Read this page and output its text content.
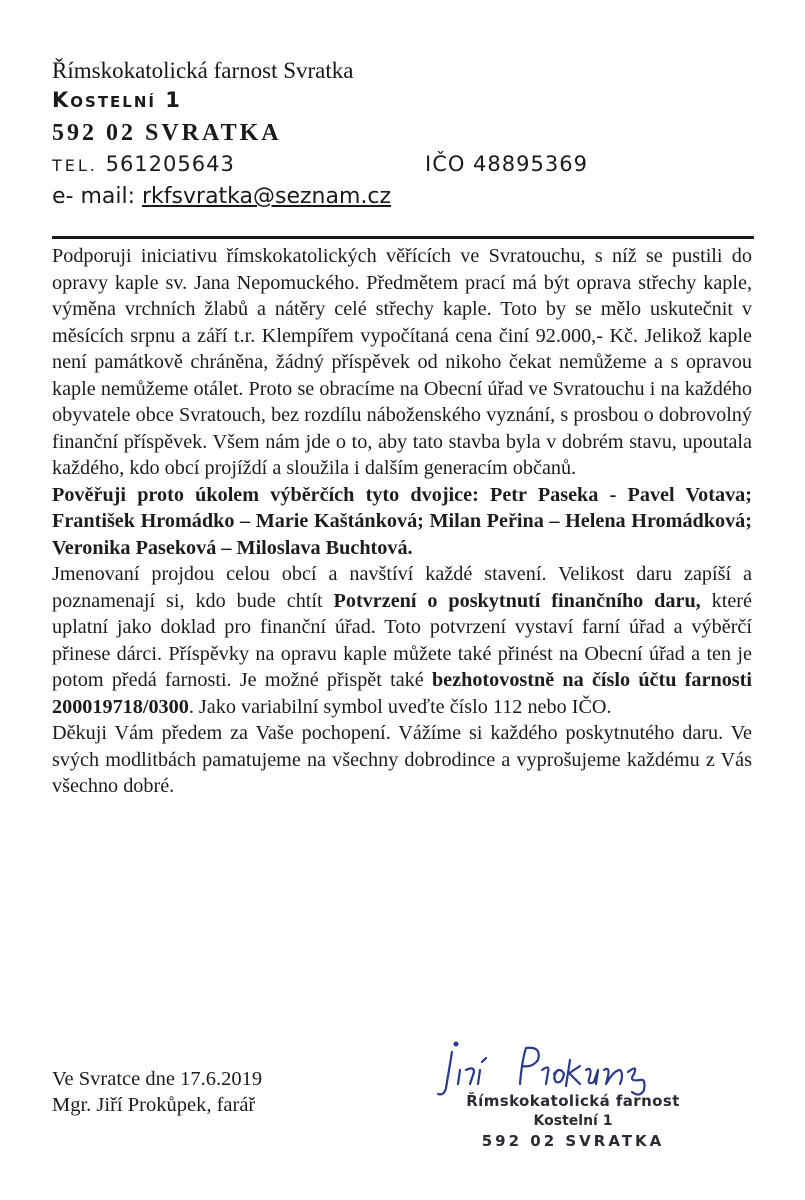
Římskokatolická farnost Svratka
Kostelní 1
592 02 SVRATKA
TEL. 561205643	IČO 48895369
e- mail: rkfsvratka@seznam.cz

Podporuji iniciativu římskokatolických věřících ve Svratouchu, s níž se pustili do opravy kaple sv. Jana Nepomuckého. Předmětem prací má být oprava střechy kaple, výměna vrchních žlabů a nátěry celé střechy kaple. Toto by se mělo uskutečnit v měsících srpnu a září t.r. Klempířem vypočítaná cena činí 92.000,- Kč. Jelikož kaple není památkově chráněna, žádný příspěvek od nikoho čekat nemůžeme a s opravou kaple nemůžeme otálet. Proto se obracíme na Obecní úřad ve Svratouchu i na každého obyvatele obce Svratouch, bez rozdílu náboženského vyznání, s prosbou o dobrovolný finanční příspěvek. Všem nám jde o to, aby tato stavba byla v dobrém stavu, upoutala každého, kdo obcí projíždí a sloužila i dalším generacím občanů.

Pověřuji proto úkolem výběrčích tyto dvojice: Petr Paseka - Pavel Votava; František Hromádko – Marie Kaštánková; Milan Peřina – Helena Hromádková; Veronika Paseková – Miloslava Buchtová.

Jmenovaní projdou celou obcí a navštíví každé stavení. Velikost daru zapíší a poznamenají si, kdo bude chtít Potvrzení o poskytnutí finančního daru, které uplatní jako doklad pro finanční úřad. Toto potvrzení vystaví farní úřad a výběrčí přinese dárci. Příspěvky na opravu kaple můžete také přinést na Obecní úřad a ten je potom předá farnosti. Je možné přispět také bezhotovostně na číslo účtu farnosti 200019718/0300. Jako variabilní symbol uveďte číslo 112 nebo IČO.

Děkuji Vám předem za Vaše pochopení. Vážíme si každého poskytnutého daru. Ve svých modlitbách pamatujeme na všechny dobrodince a vyprošujeme každému z Vás všechno dobré.

Ve Svratce dne 17.6.2019
Mgr. Jiří Prokůpek, farář	Římskokatolická farnost
Kostelní 1
592 02 SVRATKA
